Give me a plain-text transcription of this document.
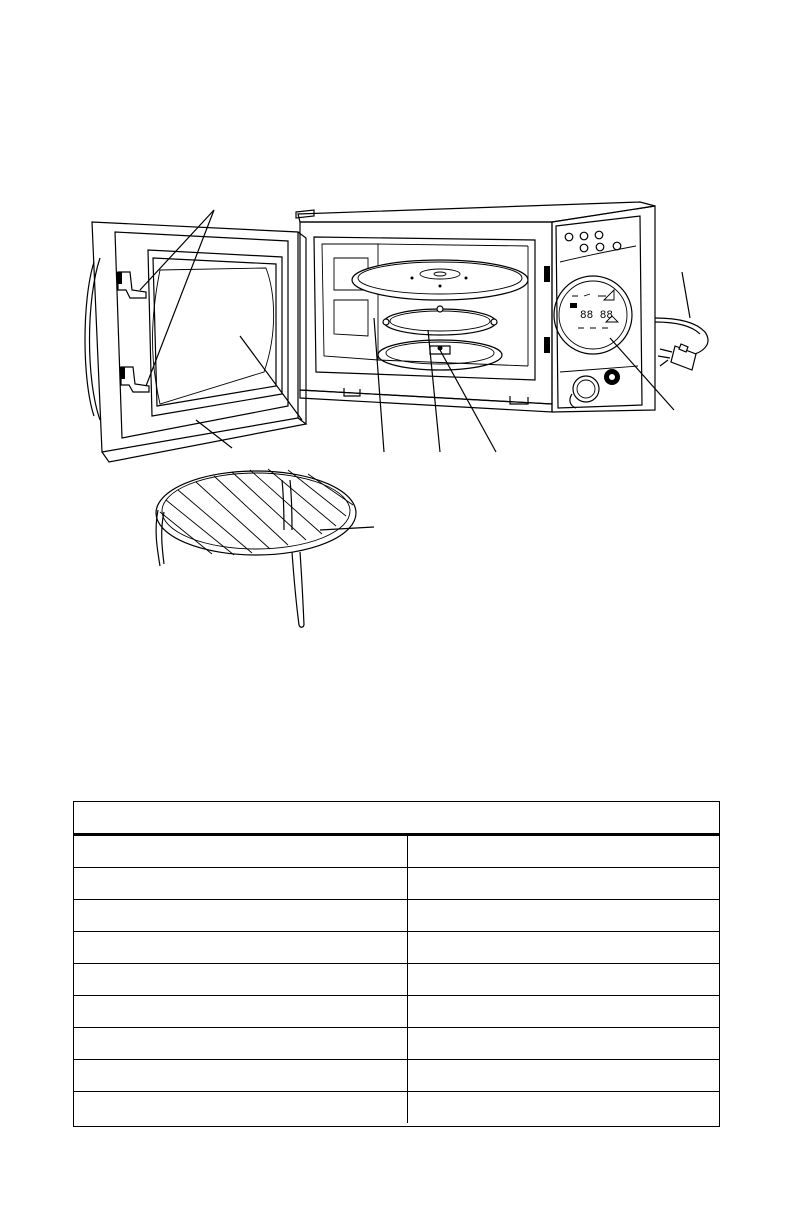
88 88
